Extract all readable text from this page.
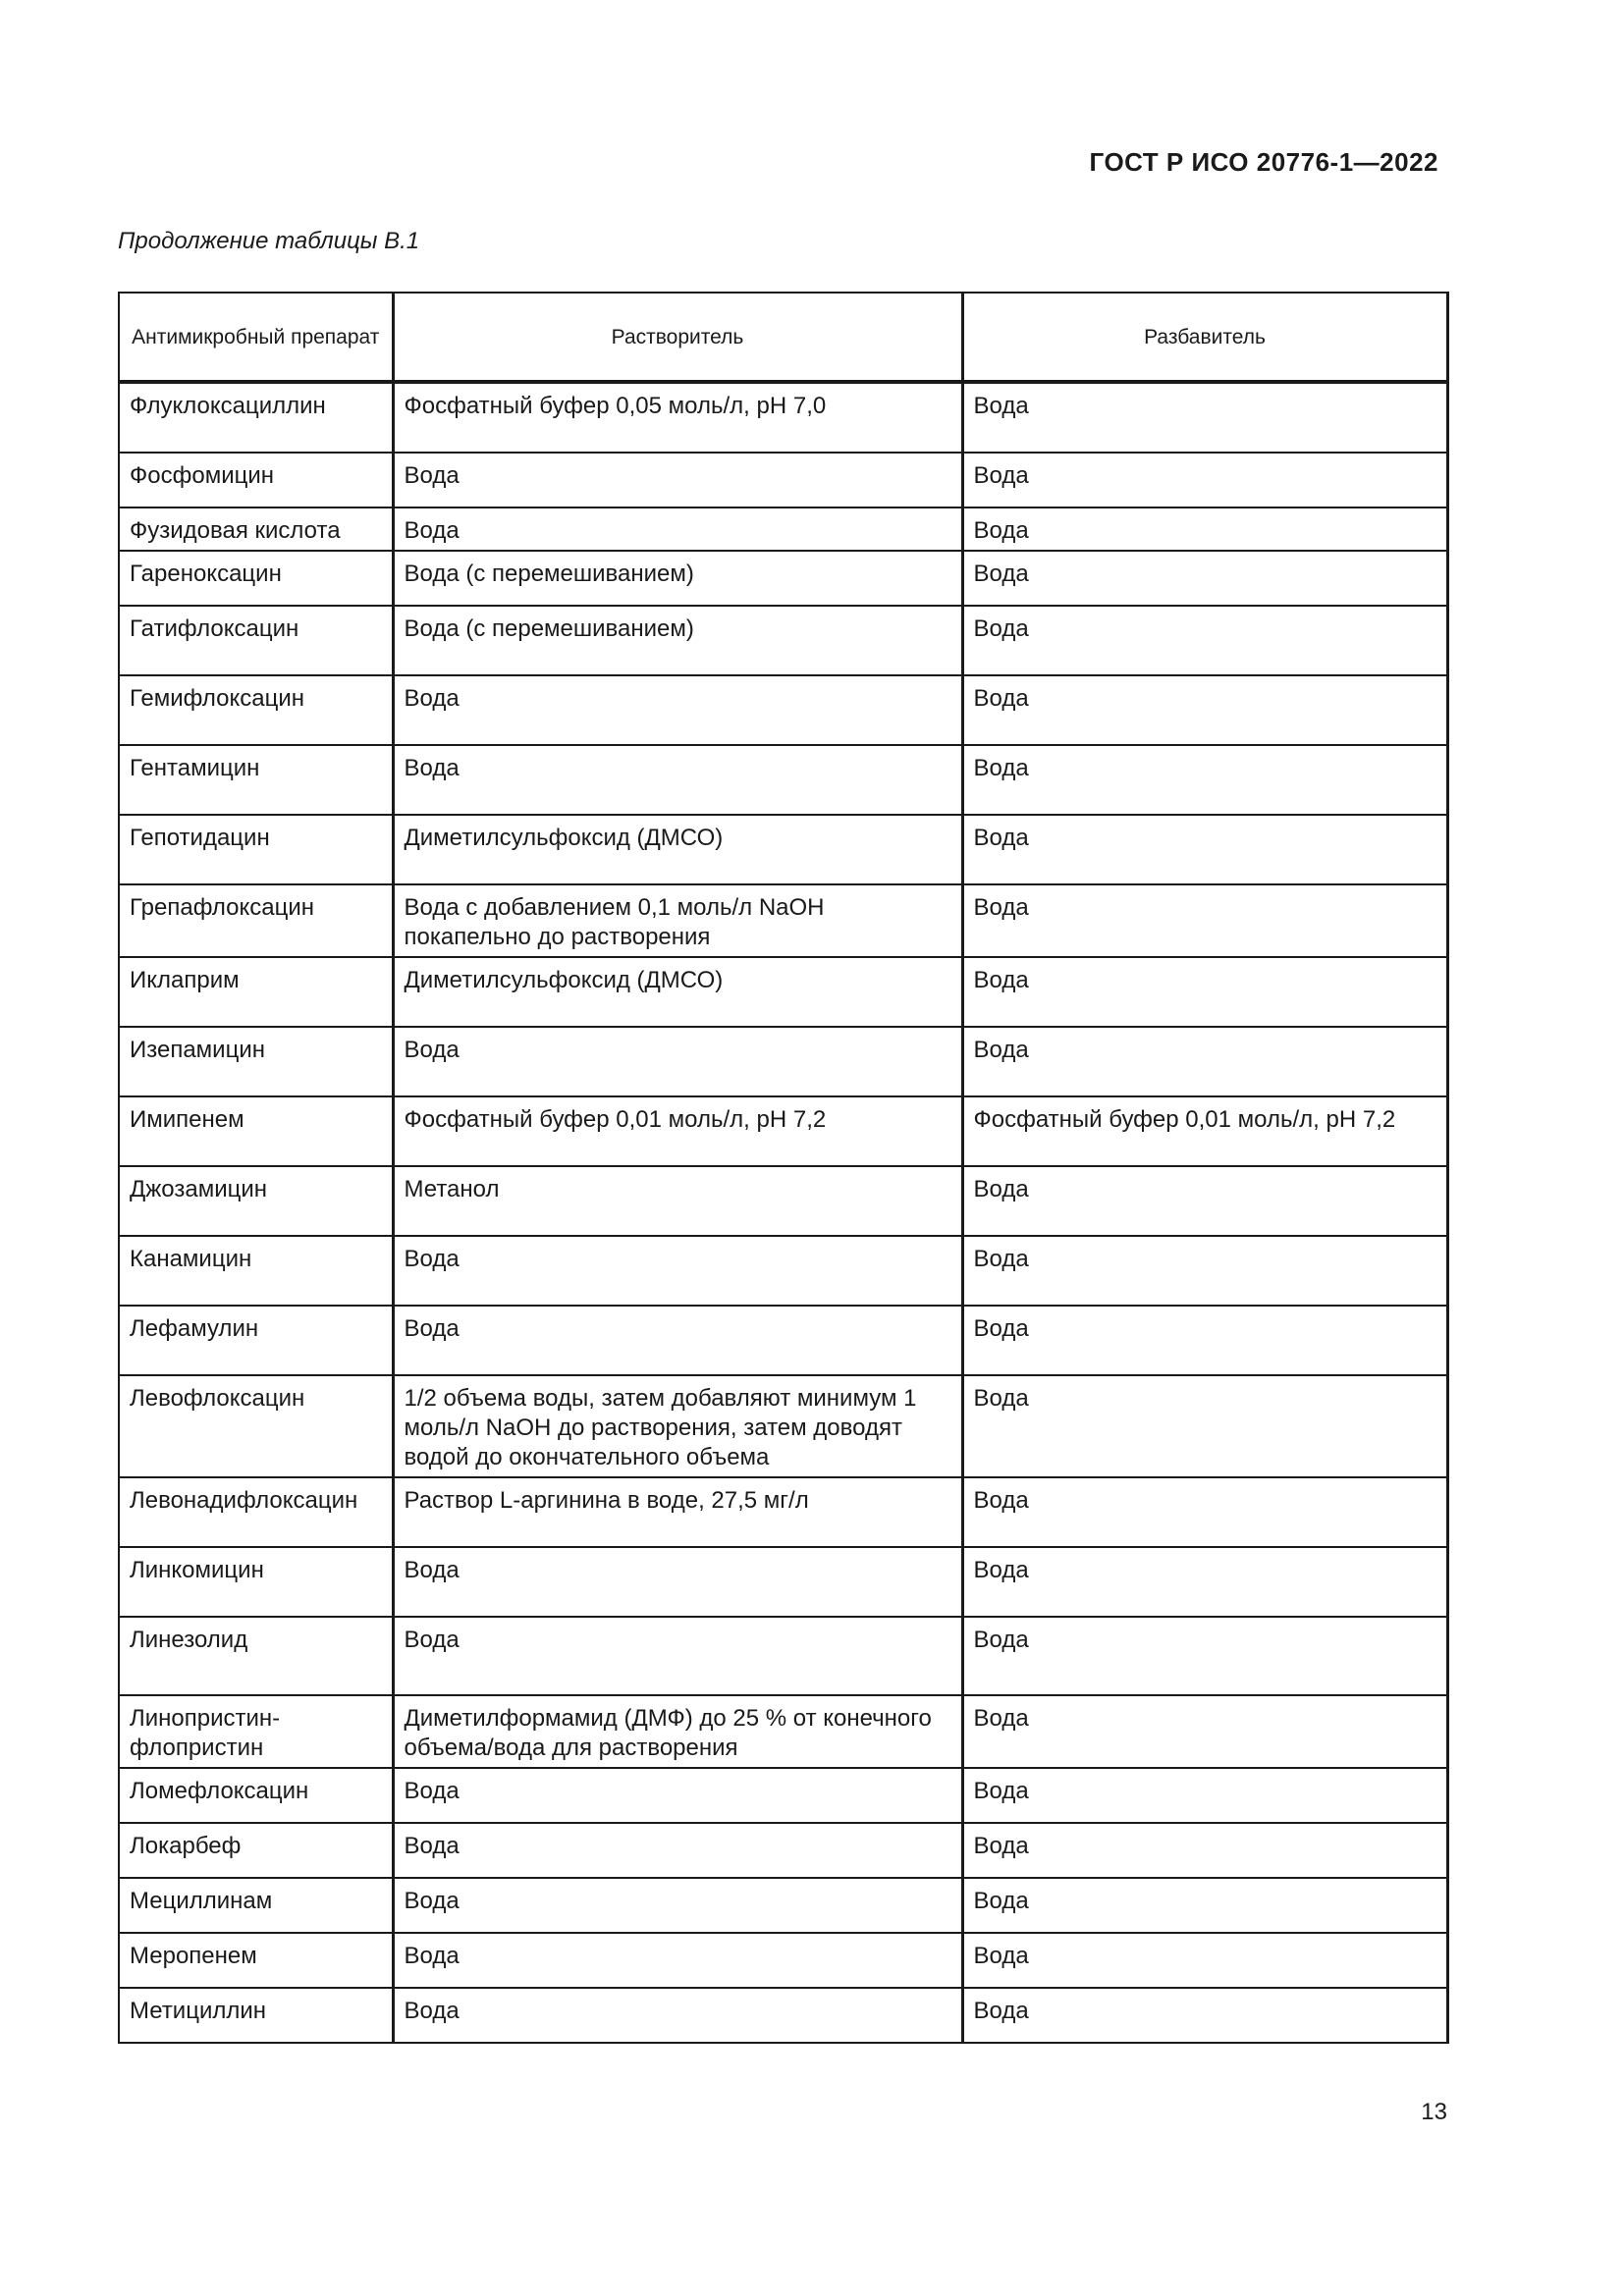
ГОСТ Р ИСО 20776-1—2022
Продолжение таблицы В.1
Антимикробный препарат	Растворитель	Разбавитель
Флуклоксациллин	Фосфатный буфер 0,05 моль/л, pH 7,0	Вода
Фосфомицин	Вода	Вода
Фузидовая кислота	Вода	Вода
Гареноксацин	Вода (с перемешиванием)	Вода
Гатифлоксацин	Вода (с перемешиванием)	Вода
Гемифлоксацин	Вода	Вода
Гентамицин	Вода	Вода
Гепотидацин	Диметилсульфоксид (ДМСО)	Вода
Грепафлоксацин	Вода с добавлением 0,1 моль/л NaOH покапельно до растворения	Вода
Иклаприм	Диметилсульфоксид (ДМСО)	Вода
Изепамицин	Вода	Вода
Имипенем	Фосфатный буфер 0,01 моль/л, pH 7,2	Фосфатный буфер 0,01 моль/л, pH 7,2
Джозамицин	Метанол	Вода
Канамицин	Вода	Вода
Лефамулин	Вода	Вода
Левофлоксацин	1/2 объема воды, затем добавляют минимум 1 моль/л NaOH до растворения, затем доводят водой до окончательного объема	Вода
Левонадифлоксацин	Раствор L-аргинина в воде, 27,5 мг/л	Вода
Линкомицин	Вода	Вода
Линезолид	Вода	Вода
Линопристин-флопристин	Диметилформамид (ДМФ) до 25 % от конечного объема/вода для растворения	Вода
Ломефлоксацин	Вода	Вода
Локарбеф	Вода	Вода
Мециллинам	Вода	Вода
Меропенем	Вода	Вода
Метициллин	Вода	Вода
13
